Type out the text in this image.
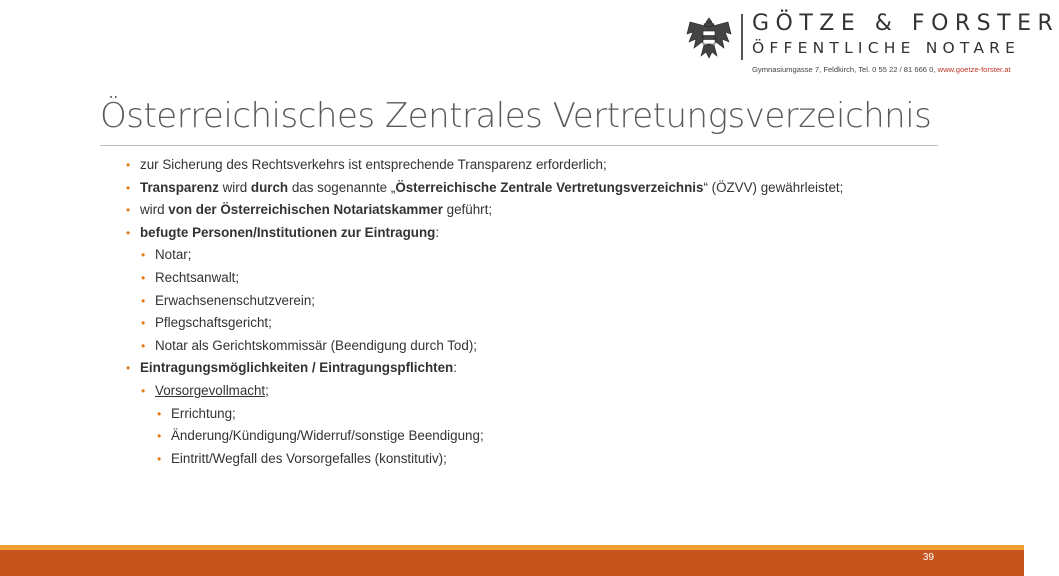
GÖTZE & FORSTER
ÖFFENTLICHE NOTARE
Gymnasiumgasse 7, Feldkirch, Tel. 0 55 22 / 81 666 0, www.goetze-forster.at
Österreichisches Zentrales Vertretungsverzeichnis
• zur Sicherung des Rechtsverkehrs ist entsprechende Transparenz erforderlich;
• Transparenz wird durch das sogenannte „Österreichische Zentrale Vertretungsverzeichnis“ (ÖZVV) gewährleistet;
• wird von der Österreichischen Notariatskammer geführt;
• befugte Personen/Institutionen zur Eintragung:
• Notar;
• Rechtsanwalt;
• Erwachsenenschutzverein;
• Pflegschaftsgericht;
• Notar als Gerichtskommissär (Beendigung durch Tod);
• Eintragungsmöglichkeiten / Eintragungspflichten:
• Vorsorgevollmacht;
• Errichtung;
• Änderung/Kündigung/Widerruf/sonstige Beendigung;
• Eintritt/Wegfall des Vorsorgefalles (konstitutiv);
39
